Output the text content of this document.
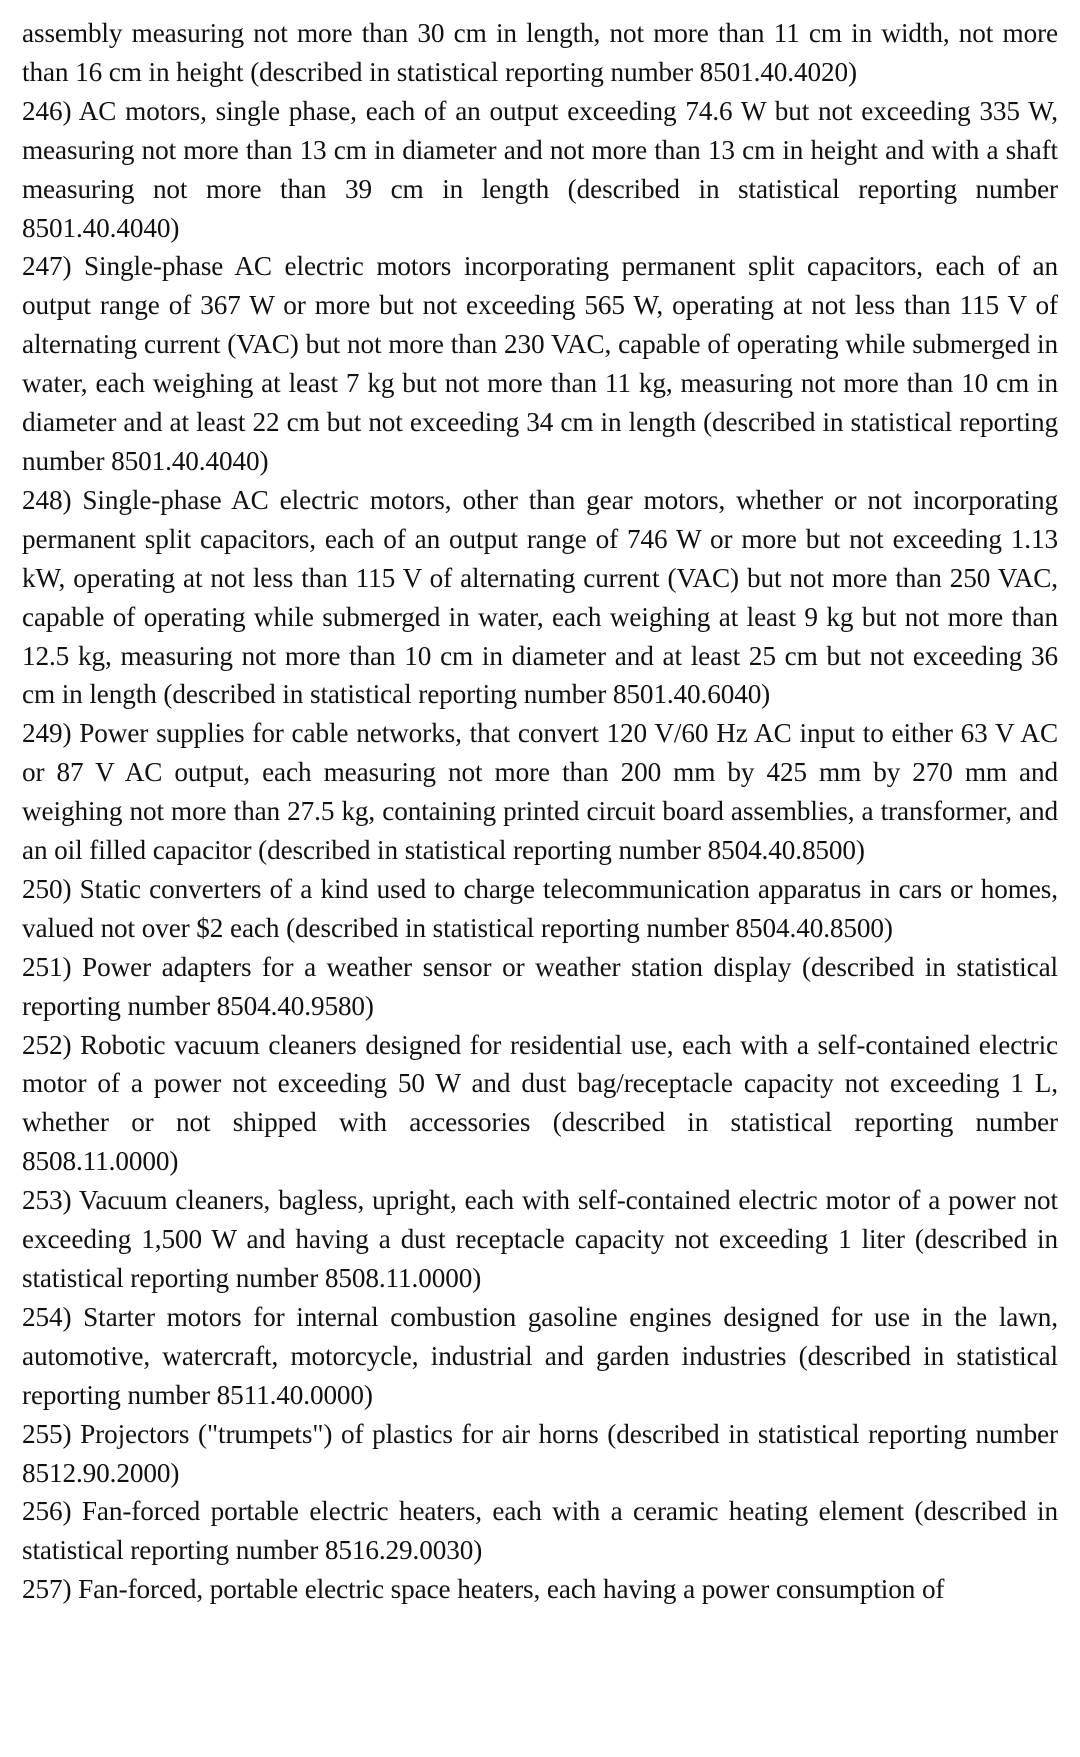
assembly measuring not more than 30 cm in length, not more than 11 cm in width, not more than 16 cm in height (described in statistical reporting number 8501.40.4020)

246) AC motors, single phase, each of an output exceeding 74.6 W but not exceeding 335 W, measuring not more than 13 cm in diameter and not more than 13 cm in height and with a shaft measuring not more than 39 cm in length (described in statistical reporting number 8501.40.4040)

247) Single-phase AC electric motors incorporating permanent split capacitors, each of an output range of 367 W or more but not exceeding 565 W, operating at not less than 115 V of alternating current (VAC) but not more than 230 VAC, capable of operating while submerged in water, each weighing at least 7 kg but not more than 11 kg, measuring not more than 10 cm in diameter and at least 22 cm but not exceeding 34 cm in length (described in statistical reporting number 8501.40.4040)

248) Single-phase AC electric motors, other than gear motors, whether or not incorporating permanent split capacitors, each of an output range of 746 W or more but not exceeding 1.13 kW, operating at not less than 115 V of alternating current (VAC) but not more than 250 VAC, capable of operating while submerged in water, each weighing at least 9 kg but not more than 12.5 kg, measuring not more than 10 cm in diameter and at least 25 cm but not exceeding 36 cm in length (described in statistical reporting number 8501.40.6040)

249) Power supplies for cable networks, that convert 120 V/60 Hz AC input to either 63 V AC or 87 V AC output, each measuring not more than 200 mm by 425 mm by 270 mm and weighing not more than 27.5 kg, containing printed circuit board assemblies, a transformer, and an oil filled capacitor (described in statistical reporting number 8504.40.8500)

250) Static converters of a kind used to charge telecommunication apparatus in cars or homes, valued not over $2 each (described in statistical reporting number 8504.40.8500)

251) Power adapters for a weather sensor or weather station display (described in statistical reporting number 8504.40.9580)

252) Robotic vacuum cleaners designed for residential use, each with a self-contained electric motor of a power not exceeding 50 W and dust bag/receptacle capacity not exceeding 1 L, whether or not shipped with accessories (described in statistical reporting number 8508.11.0000)

253) Vacuum cleaners, bagless, upright, each with self-contained electric motor of a power not exceeding 1,500 W and having a dust receptacle capacity not exceeding 1 liter (described in statistical reporting number 8508.11.0000)

254) Starter motors for internal combustion gasoline engines designed for use in the lawn, automotive, watercraft, motorcycle, industrial and garden industries (described in statistical reporting number 8511.40.0000)

255) Projectors ("trumpets") of plastics for air horns (described in statistical reporting number 8512.90.2000)

256) Fan-forced portable electric heaters, each with a ceramic heating element (described in statistical reporting number 8516.29.0030)

257) Fan-forced, portable electric space heaters, each having a power consumption of
